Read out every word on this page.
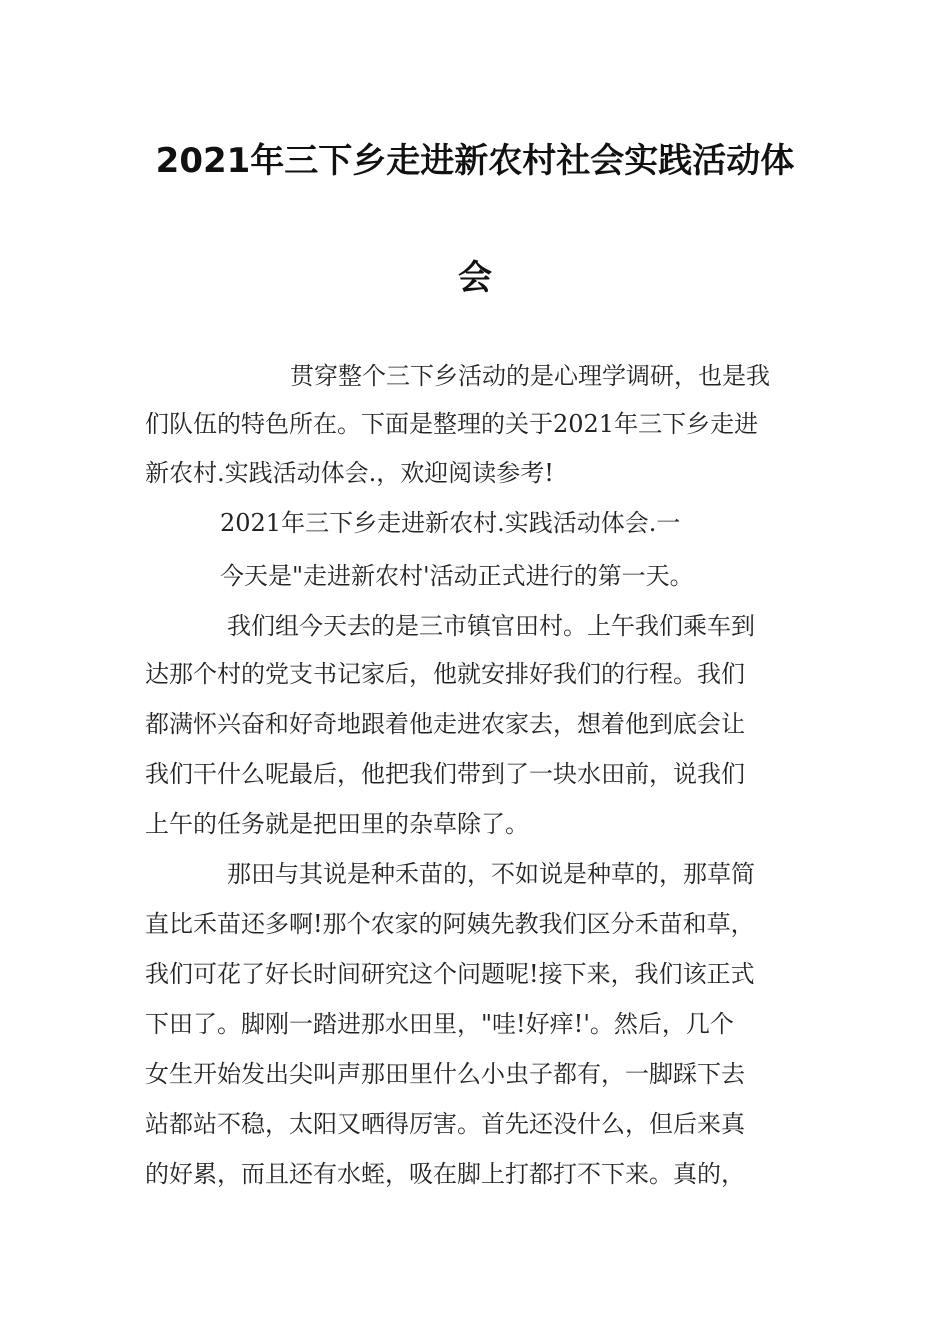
2021年三下乡走进新农村社会实践活动体
会

贯穿整个三下乡活动的是心理学调研，也是我

们队伍的特色所在。下面是整理的关于2021年三下乡走进

新农村.实践活动体会.，欢迎阅读参考!

2021年三下乡走进新农村.实践活动体会.一

今天是"走进新农村'活动正式进行的第一天。

我们组今天去的是三市镇官田村。上午我们乘车到

达那个村的党支书记家后，他就安排好我们的行程。我们

都满怀兴奋和好奇地跟着他走进农家去，想着他到底会让

我们干什么呢最后，他把我们带到了一块水田前，说我们

上午的任务就是把田里的杂草除了。

那田与其说是种禾苗的，不如说是种草的，那草简

直比禾苗还多啊!那个农家的阿姨先教我们区分禾苗和草，

我们可花了好长时间研究这个问题呢!接下来，我们该正式

下田了。脚刚一踏进那水田里，"哇!好痒!'。然后，几个

女生开始发出尖叫声那田里什么小虫子都有，一脚踩下去

站都站不稳，太阳又晒得厉害。首先还没什么，但后来真

的好累，而且还有水蛭，吸在脚上打都打不下来。真的，
